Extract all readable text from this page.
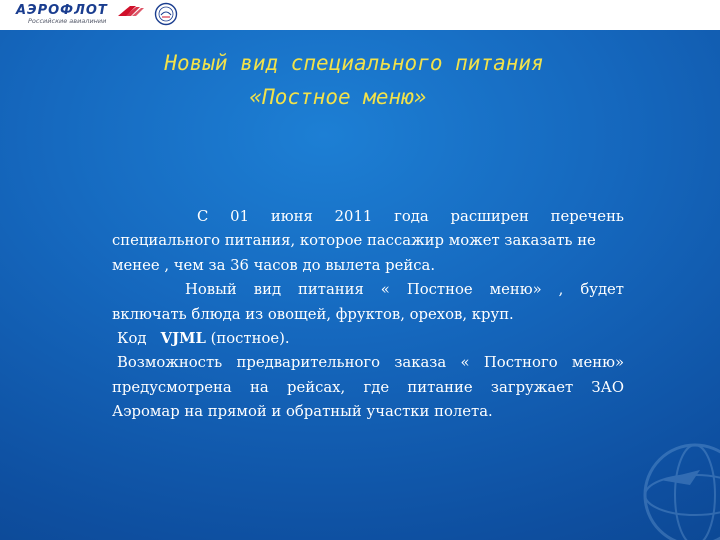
АЭРОФЛОТ
Российские авиалинии
Новый вид специального питания
«Постное меню»
С 01 июня 2011 года расширен перечень
специального питания, которое пассажир может заказать не
менее , чем за 36 часов до вылета рейса.
Новый вид питания « Постное меню» , будет
включать блюда из овощей, фруктов, орехов, круп.
Код VJML (постное).
Возможность предварительного заказа « Постного меню»
предусмотрена на рейсах, где питание загружает ЗАО
Аэромар на прямой и обратный участки полета.
